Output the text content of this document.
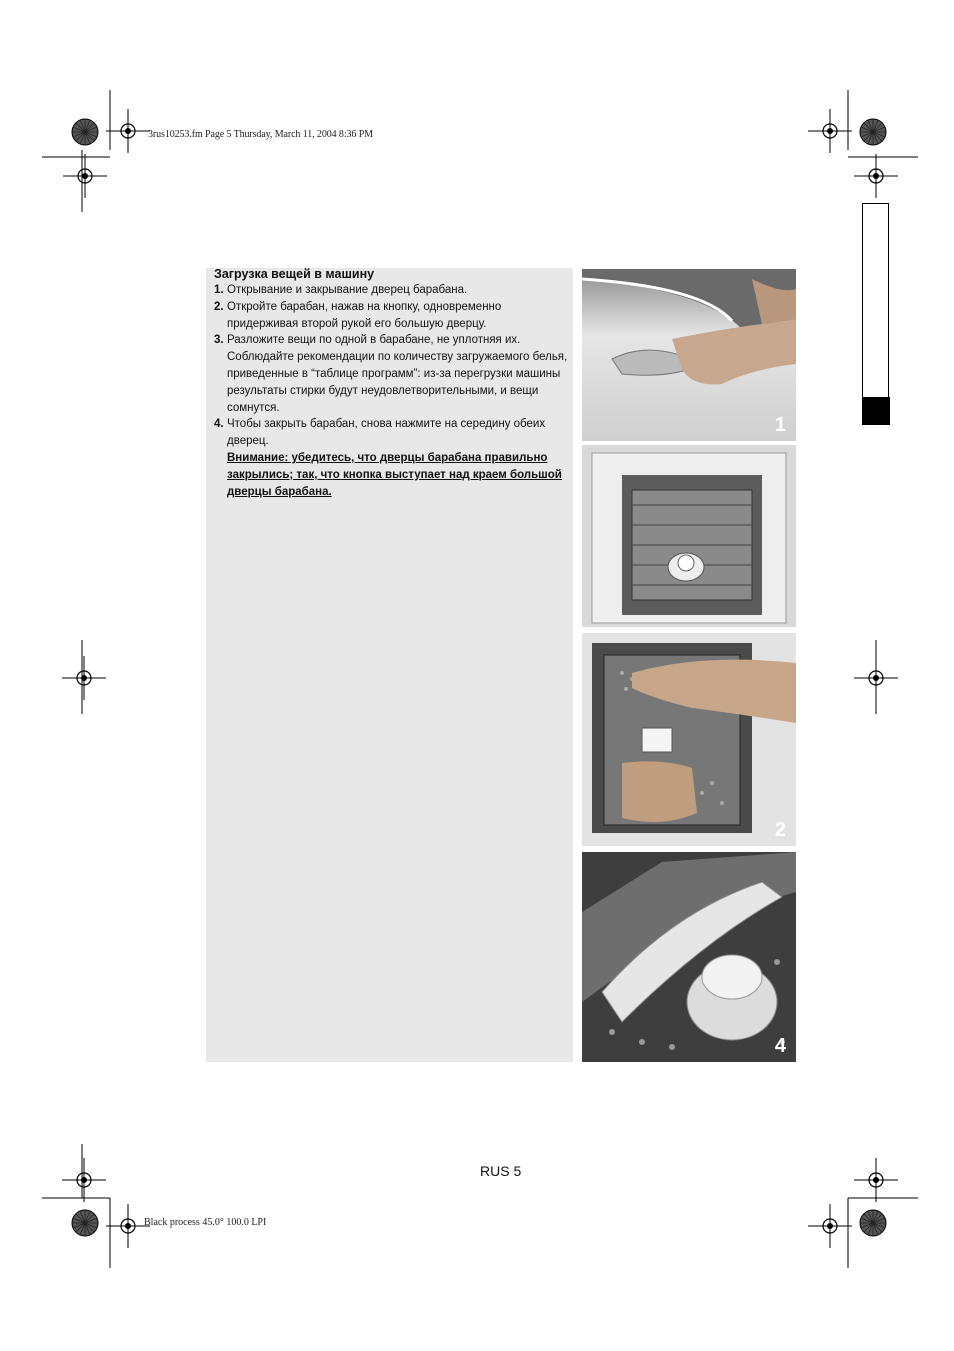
3rus10253.fm Page 5 Thursday, March 11, 2004 8:36 PM
Black process 45.0° 100.0 LPI
Загрузка вещей в машину
1. Открывание и закрывание дверец барабана.
2. Откройте барабан, нажав на кнопку, одновременно придерживая второй рукой его большую дверцу.
3. Разложите вещи по одной в барабане, не уплотняя их. Соблюдайте рекомендации по количеству загружаемого белья, приведенные в “таблице программ”: из-за перегрузки машины результаты стирки будут неудовлетворительными, и вещи сомнутся.
4. Чтобы закрыть барабан, снова нажмите на середину обеих дверец.
Внимание: убедитесь, что дверцы барабана правильно закрылись; так, что кнопка выступает над краем большой дверцы барабана.
1
2
4
RUS 5
